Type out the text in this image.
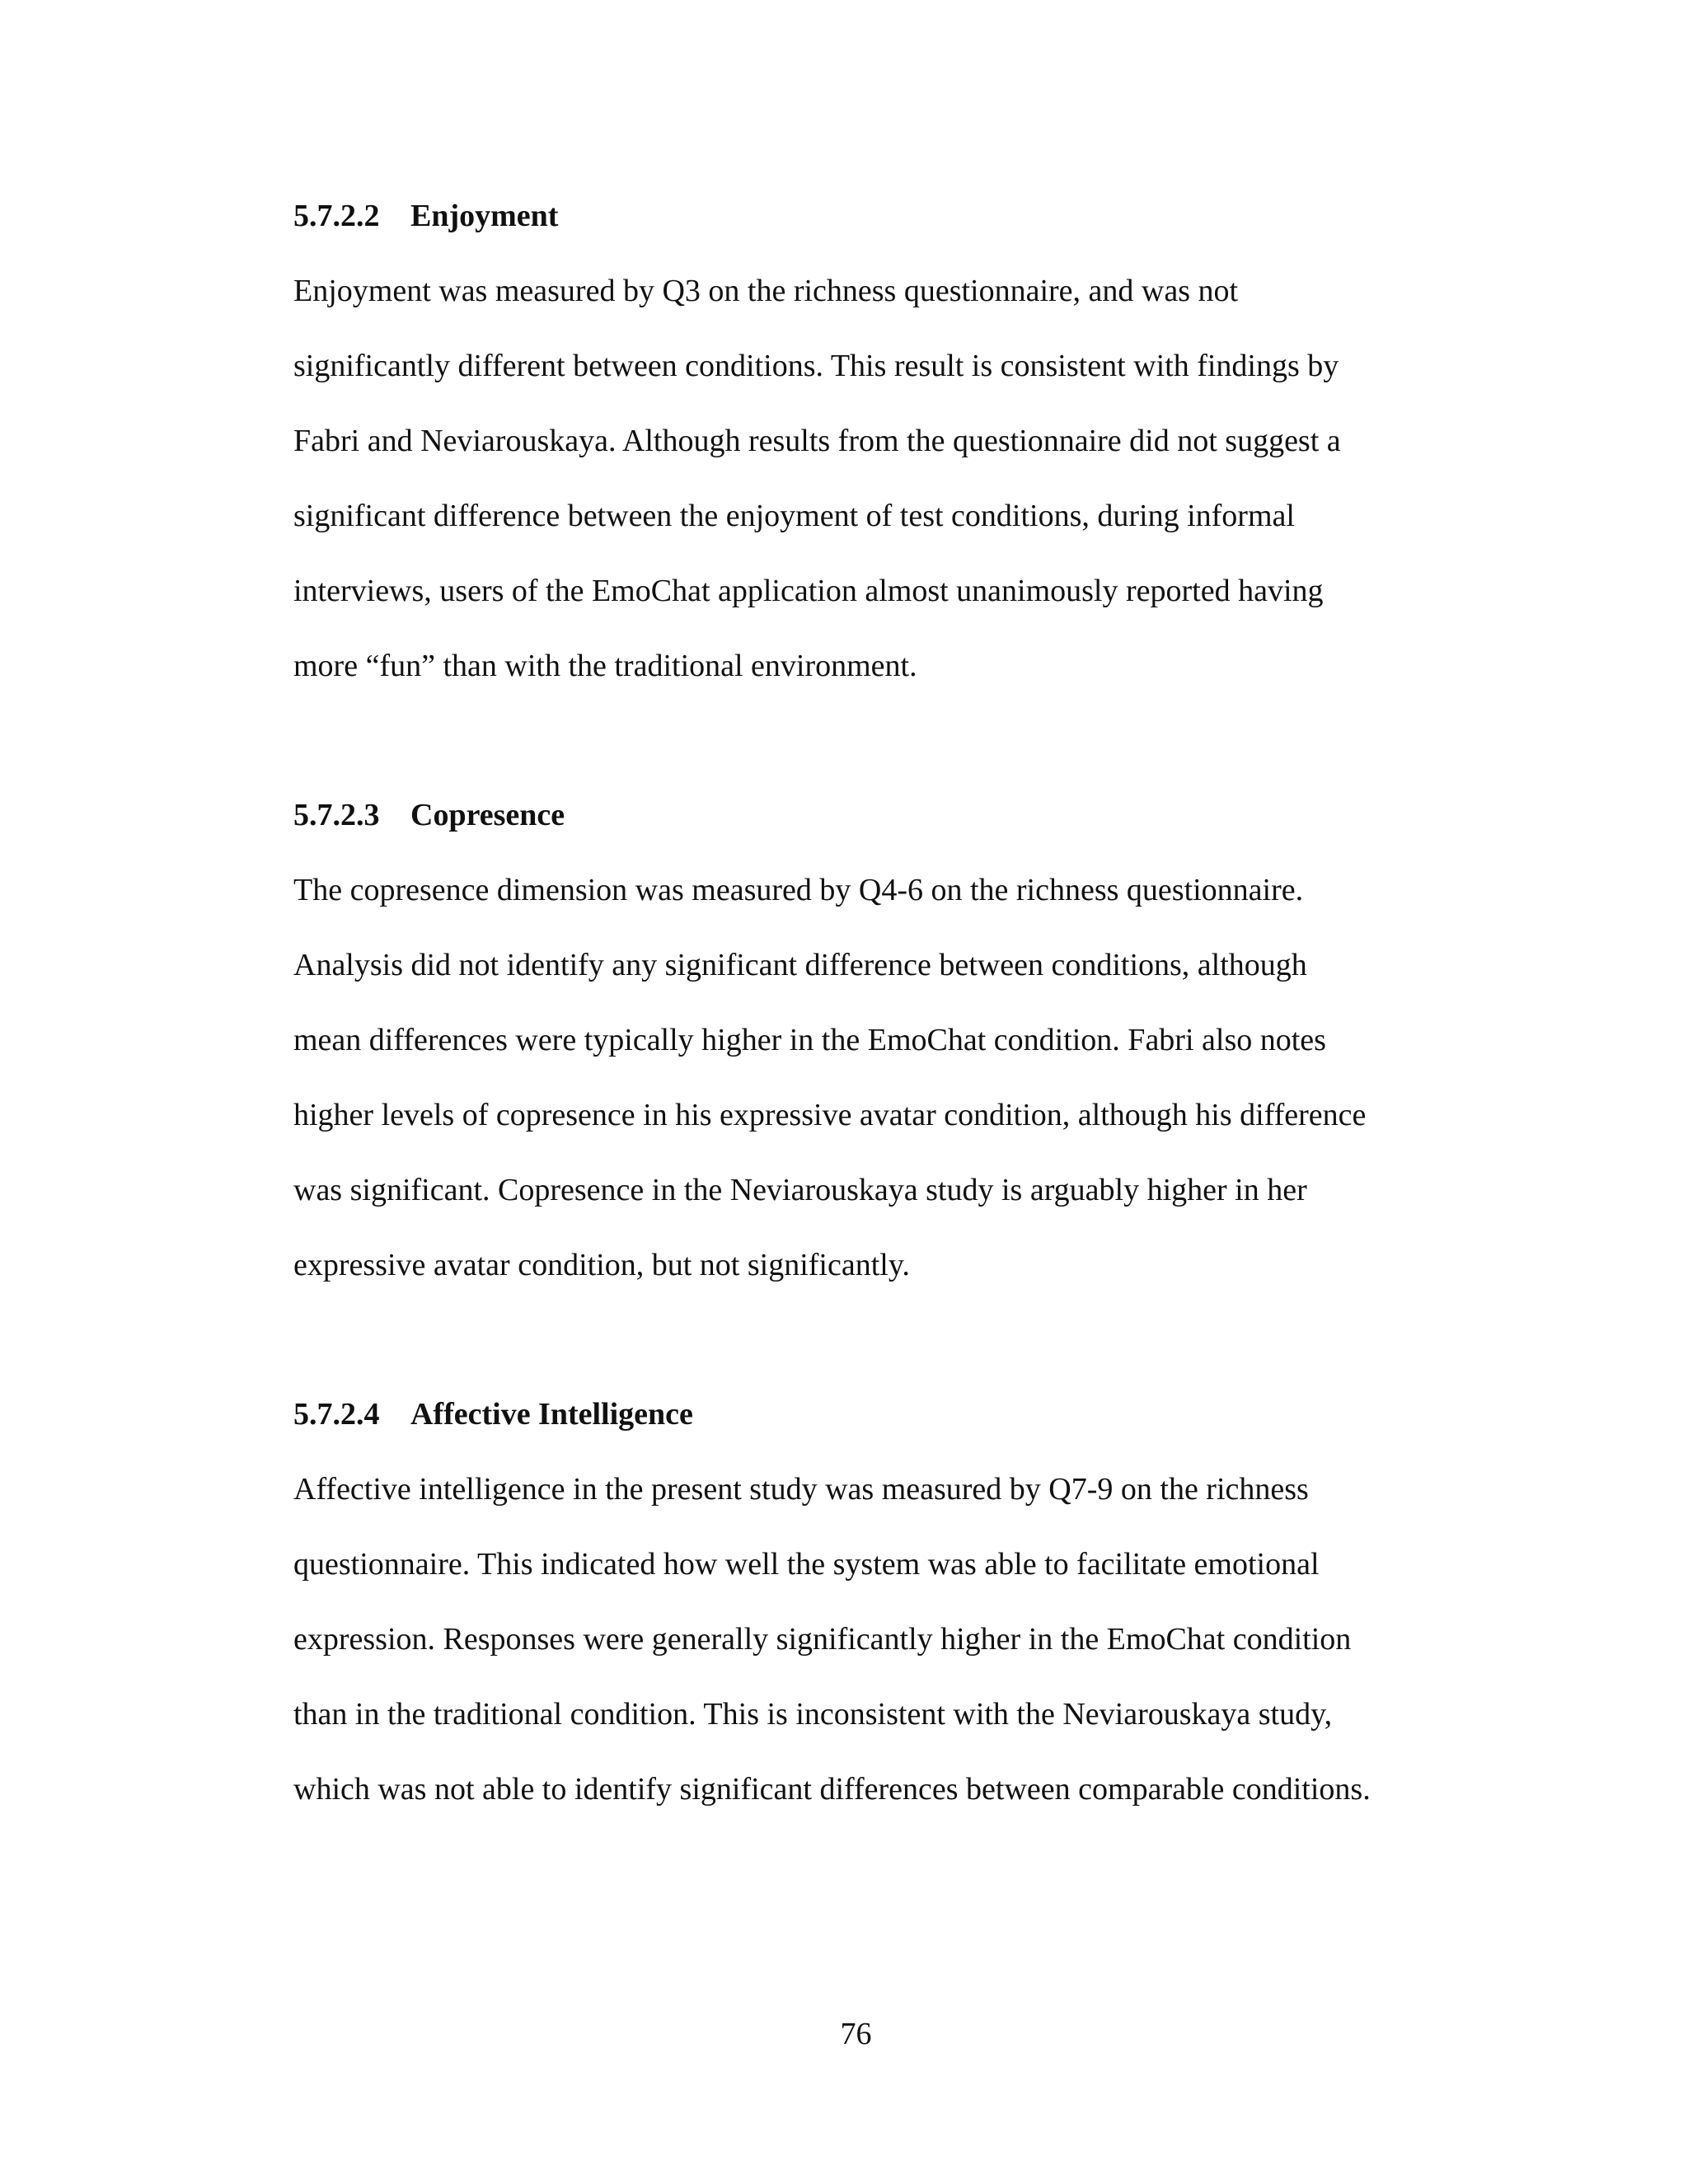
5.7.2.2 Enjoyment
Enjoyment was measured by Q3 on the richness questionnaire, and was not
significantly different between conditions. This result is consistent with findings by
Fabri and Neviarouskaya. Although results from the questionnaire did not suggest a
significant difference between the enjoyment of test conditions, during informal
interviews, users of the EmoChat application almost unanimously reported having
more “fun” than with the traditional environment.
5.7.2.3 Copresence
The copresence dimension was measured by Q4-6 on the richness questionnaire.
Analysis did not identify any significant difference between conditions, although
mean differences were typically higher in the EmoChat condition. Fabri also notes
higher levels of copresence in his expressive avatar condition, although his difference
was significant. Copresence in the Neviarouskaya study is arguably higher in her
expressive avatar condition, but not significantly.
5.7.2.4 Affective Intelligence
Affective intelligence in the present study was measured by Q7-9 on the richness
questionnaire. This indicated how well the system was able to facilitate emotional
expression. Responses were generally significantly higher in the EmoChat condition
than in the traditional condition. This is inconsistent with the Neviarouskaya study,
which was not able to identify significant differences between comparable conditions.
76
